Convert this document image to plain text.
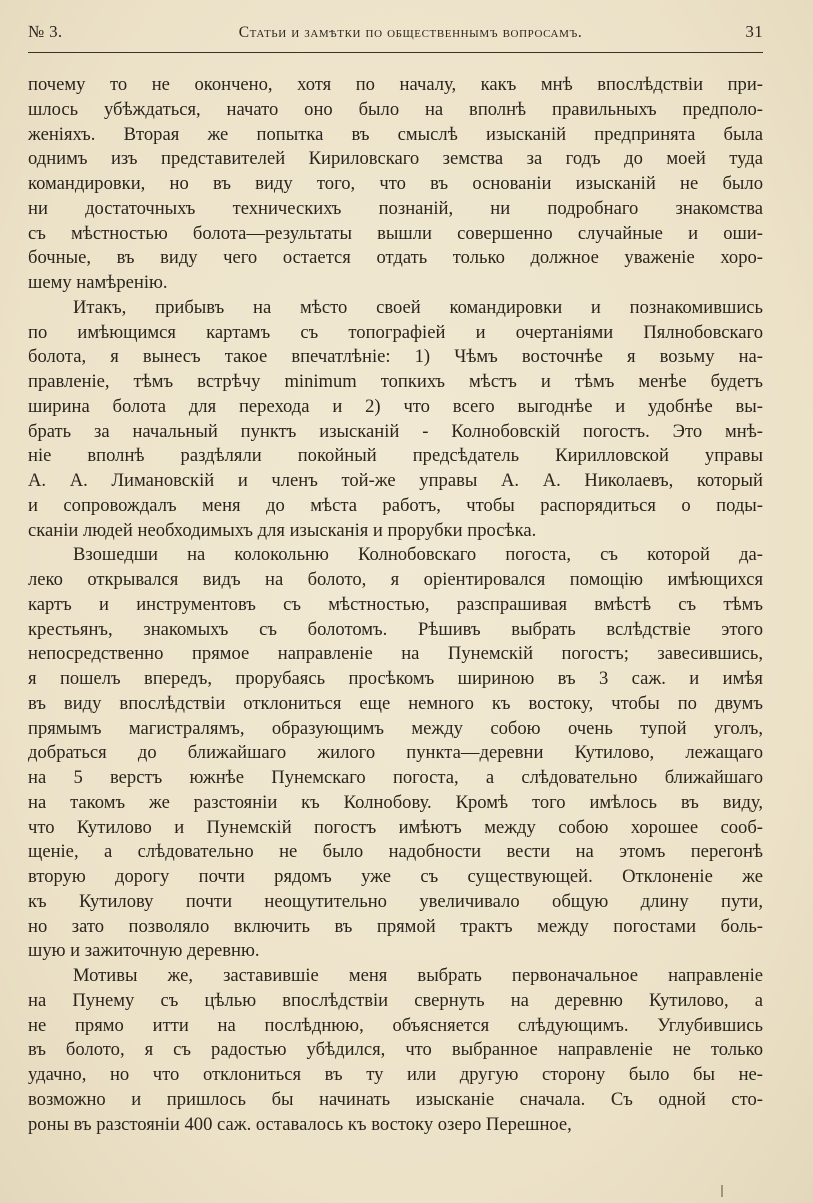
№ 3.	Статьи и замѣтки по общественнымъ вопросамъ.	31
почему то не окончено, хотя по началу, какъ мнѣ впослѣдствіи при-
шлось убѣждаться, начато оно было на вполнѣ правильныхъ предполо-
женіяхъ. Вторая же попытка въ смыслѣ изысканій предпринята была
однимъ изъ представителей Кириловскаго земства за годъ до моей туда
командировки, но въ виду того, что въ основаніи изысканій не было
ни достаточныхъ техническихъ познаній, ни подробнаго знакомства
съ мѣстностью болота—результаты вышли совершенно случайные и оши-
бочные, въ виду чего остается отдать только должное уваженіе хоро-
шему намѣренію.
Итакъ, прибывъ на мѣсто своей командировки и познакомившись
по имѣющимся картамъ съ топографіей и очертаніями Пялнобовскаго
болота, я вынесъ такое впечатлѣніе: 1) Чѣмъ восточнѣе я возьму на-
правленіе, тѣмъ встрѣчу minimum топкихъ мѣстъ и тѣмъ менѣе будетъ
ширина болота для перехода и 2) что всего выгоднѣе и удобнѣе вы-
брать за начальный пунктъ изысканій - Колнобовскій погостъ. Это мнѣ-
ніе вполнѣ раздѣляли покойный предсѣдатель Кирилловской управы
А. А. Лимановскій и членъ той-же управы А. А. Николаевъ, который
и сопровождалъ меня до мѣста работъ, чтобы распорядиться о поды-
сканіи людей необходимыхъ для изысканія и прорубки просѣка.
Взошедши на колокольню Колнобовскаго погоста, съ которой да-
леко открывался видъ на болото, я оріентировался помощію имѣющихся
картъ и инструментовъ съ мѣстностью, разспрашивая вмѣстѣ съ тѣмъ
крестьянъ, знакомыхъ съ болотомъ. Рѣшивъ выбрать вслѣдствіе этого
непосредственно прямое направленіе на Пунемскій погостъ; завесившись,
я пошелъ впередъ, прорубаясь просѣкомъ шириною въ 3 саж. и имѣя
въ виду впослѣдствіи отклониться еще немного къ востоку, чтобы по двумъ
прямымъ магистралямъ, образующимъ между собою очень тупой уголъ,
добраться до ближайшаго жилого пункта—деревни Кутилово, лежащаго
на 5 верстъ южнѣе Пунемскаго погоста, а слѣдовательно ближайшаго
на такомъ же разстояніи къ Колнобову. Кромѣ того имѣлось въ виду,
что Кутилово и Пунемскій погостъ имѣютъ между собою хорошее сооб-
щеніе, а слѣдовательно не было надобности вести на этомъ перегонѣ
вторую дорогу почти рядомъ уже съ существующей. Отклоненіе же
къ Кутилову почти неощутительно увеличивало общую длину пути,
но зато позволяло включить въ прямой трактъ между погостами боль-
шую и зажиточную деревню.
Мотивы же, заставившіе меня выбрать первоначальное направленіе
на Пунему съ цѣлью впослѣдствіи свернуть на деревню Кутилово, а
не прямо итти на послѣднюю, объясняется слѣдующимъ. Углубившись
въ болото, я съ радостью убѣдился, что выбранное направленіе не только
удачно, но что отклониться въ ту или другую сторону было бы не-
возможно и пришлось бы начинать изысканіе сначала. Съ одной сто-
роны въ разстояніи 400 саж. оставалось къ востоку озеро Перешное,
